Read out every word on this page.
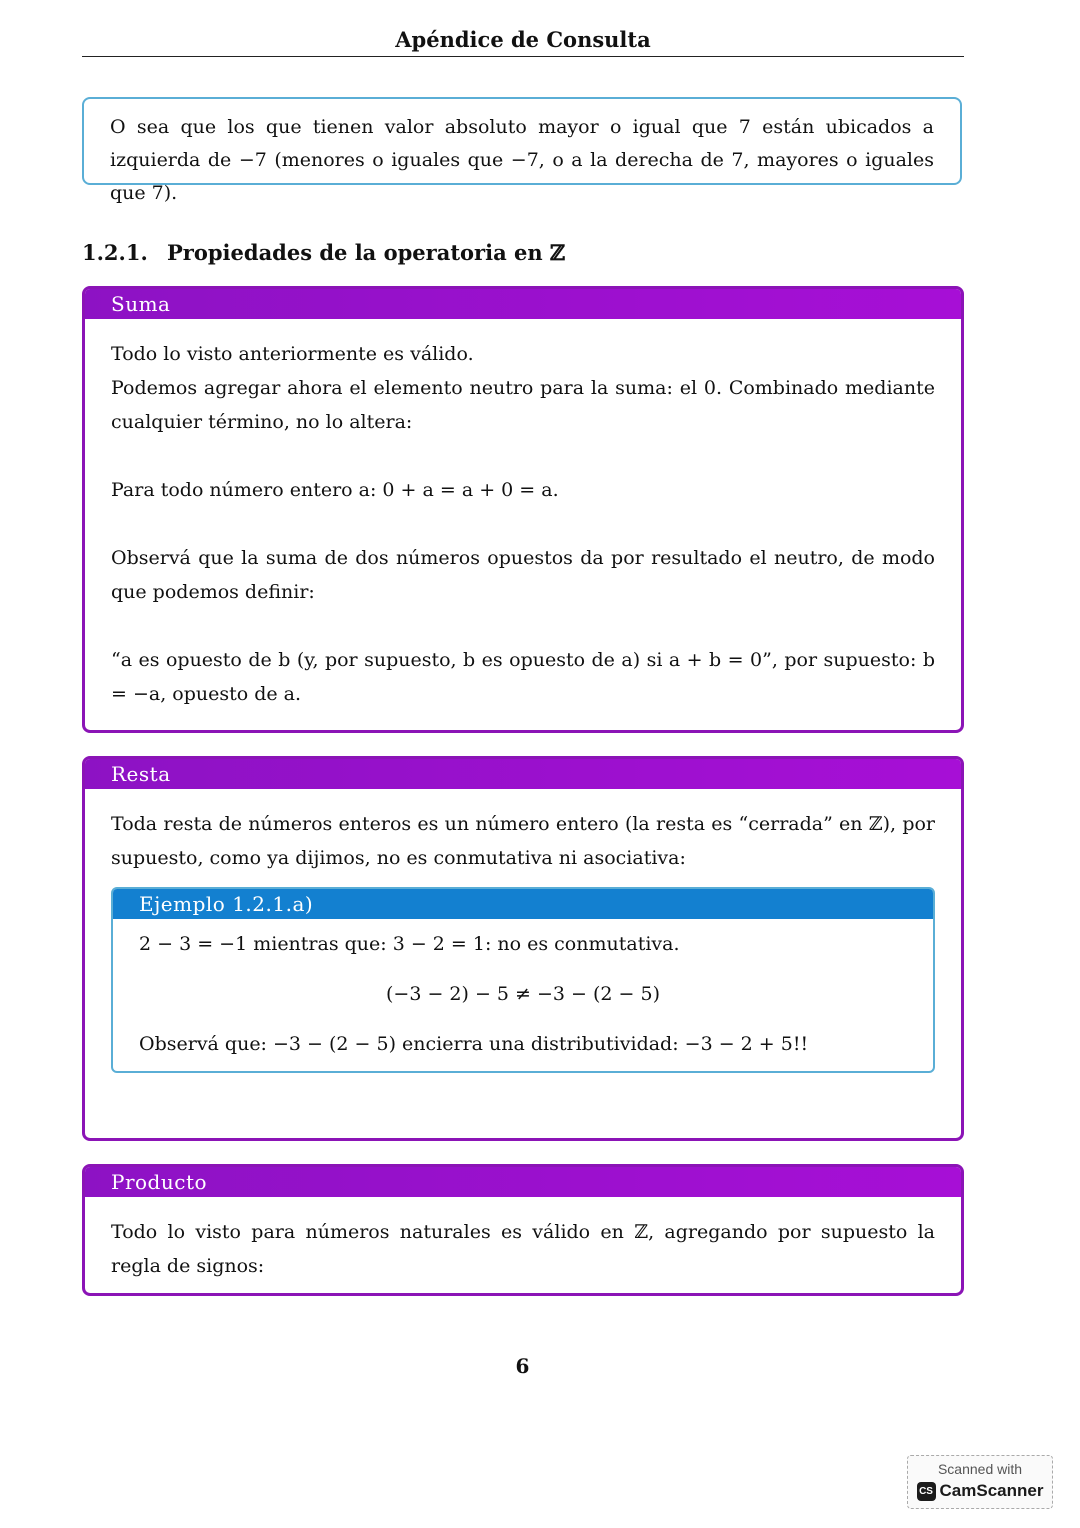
Apéndice de Consulta

O sea que los que tienen valor absoluto mayor o igual que 7 están ubicados a izquierda de −7 (menores o iguales que −7, o a la derecha de 7, mayores o iguales que 7).

1.2.1. Propiedades de la operatoria en ℤ
Suma

Todo lo visto anteriormente es válido.

Podemos agregar ahora el elemento neutro para la suma: el 0. Combinado mediante cualquier término, no lo altera:

Para todo número entero a: 0 + a = a + 0 = a.

Observá que la suma de dos números opuestos da por resultado el neutro, de modo que podemos definir:

“a es opuesto de b (y, por supuesto, b es opuesto de a) si a + b = 0”, por supuesto: b = −a, opuesto de a.

Resta

Toda resta de números enteros es un número entero (la resta es “cerrada” en ℤ), por supuesto, como ya dijimos, no es conmutativa ni asociativa:

Ejemplo 1.2.1.a)

2 − 3 = −1 mientras que: 3 − 2 = 1: no es conmutativa.

(−3 − 2) − 5 ≠ −3 − (2 − 5)

Observá que: −3 − (2 − 5) encierra una distributividad: −3 − 2 + 5!!

Producto

Todo lo visto para números naturales es válido en ℤ, agregando por supuesto la regla de signos:

6
Scanned with
CS CamScanner
